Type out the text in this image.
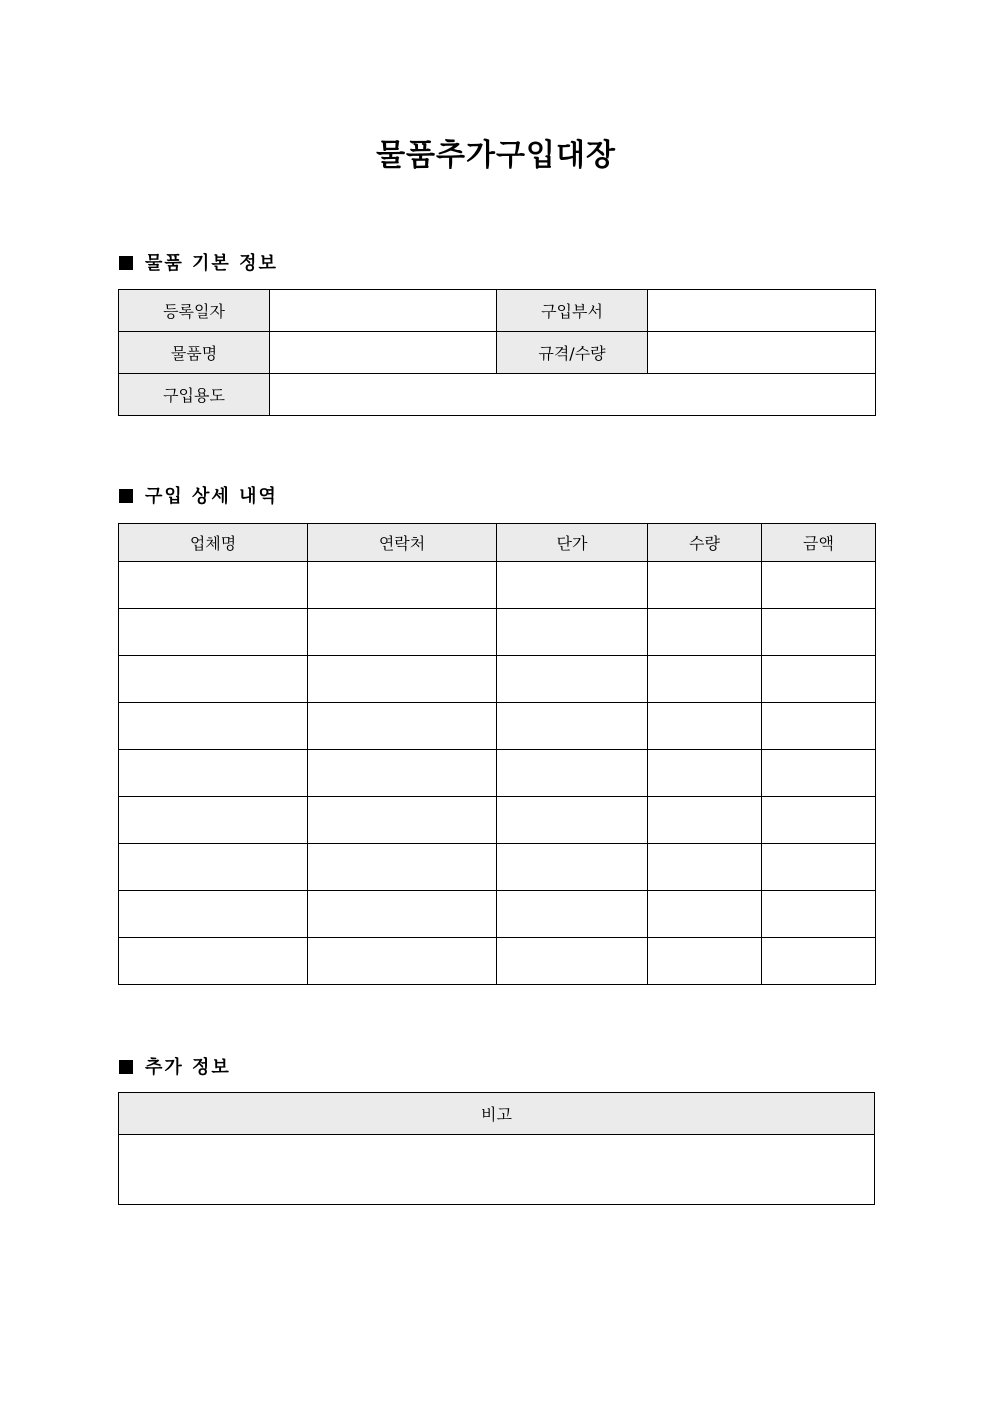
물품추가구입대장
물품 기본 정보
등록일자		구입부서	
물품명		규격/수량	
구입용도			
구입 상세 내역
업체명	연락처	단가	수량	금액

추가 정보
비고
